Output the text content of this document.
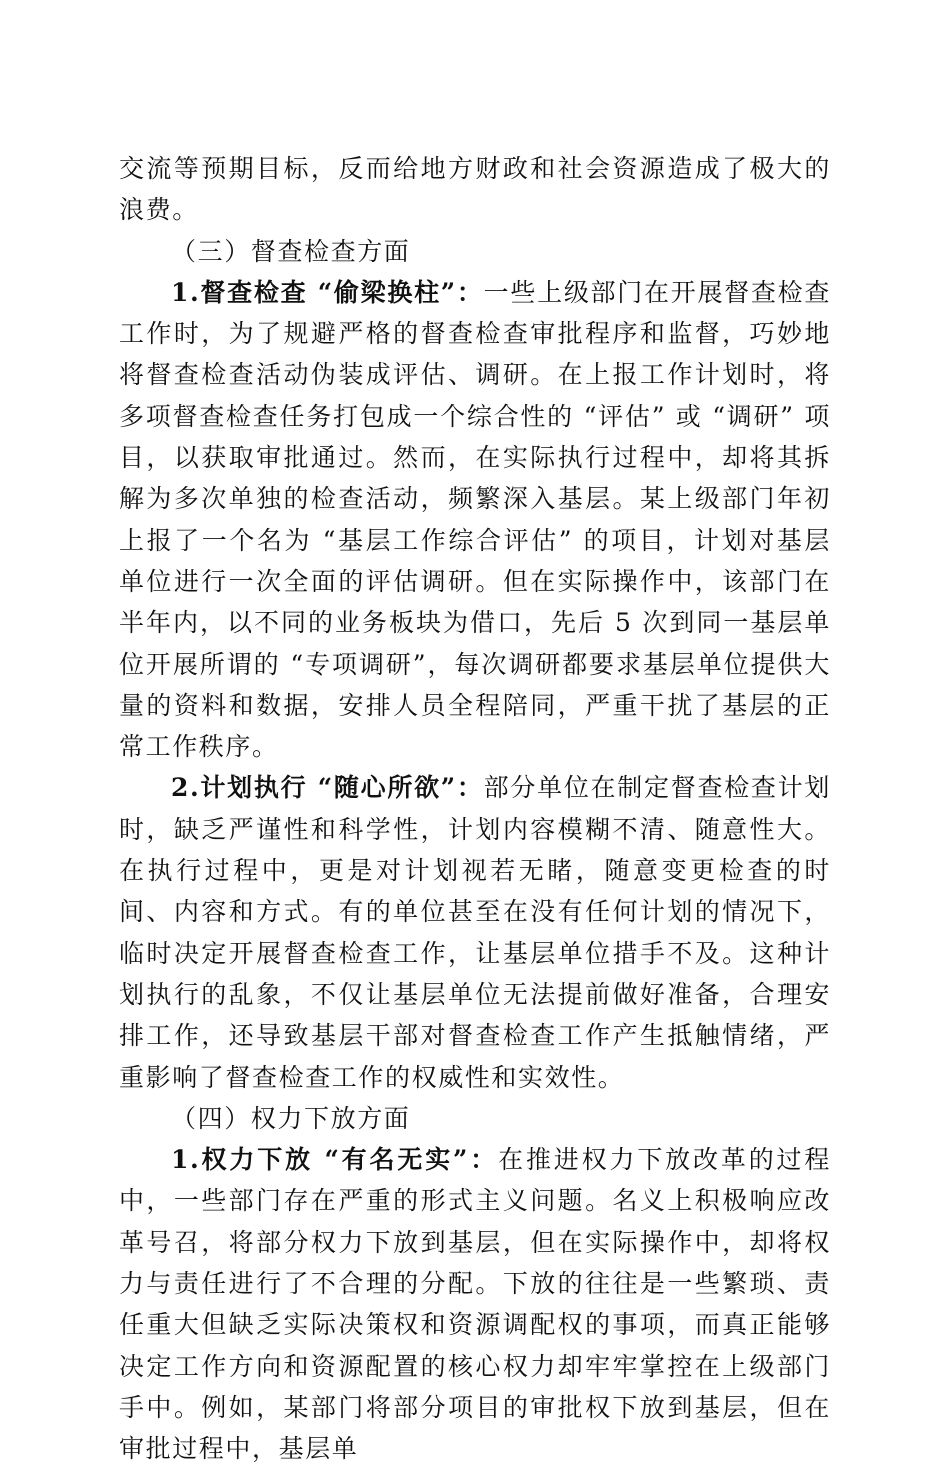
交流等预期目标，反而给地方财政和社会资源造成了极大的浪费。

（三）督查检查方面

1.督查检查 “偷梁换柱”：一些上级部门在开展督查检查工作时，为了规避严格的督查检查审批程序和监督，巧妙地将督查检查活动伪装成评估、调研。在上报工作计划时，将多项督查检查任务打包成一个综合性的 “评估” 或 “调研” 项目，以获取审批通过。然而，在实际执行过程中，却将其拆解为多次单独的检查活动，频繁深入基层。某上级部门年初上报了一个名为 “基层工作综合评估” 的项目，计划对基层单位进行一次全面的评估调研。但在实际操作中，该部门在半年内，以不同的业务板块为借口，先后 5 次到同一基层单位开展所谓的 “专项调研”，每次调研都要求基层单位提供大量的资料和数据，安排人员全程陪同，严重干扰了基层的正常工作秩序。

2.计划执行 “随心所欲”：部分单位在制定督查检查计划时，缺乏严谨性和科学性，计划内容模糊不清、随意性大。在执行过程中，更是对计划视若无睹，随意变更检查的时间、内容和方式。有的单位甚至在没有任何计划的情况下，临时决定开展督查检查工作，让基层单位措手不及。这种计划执行的乱象，不仅让基层单位无法提前做好准备，合理安排工作，还导致基层干部对督查检查工作产生抵触情绪，严重影响了督查检查工作的权威性和实效性。

（四）权力下放方面

1.权力下放 “有名无实”：在推进权力下放改革的过程中，一些部门存在严重的形式主义问题。名义上积极响应改革号召，将部分权力下放到基层，但在实际操作中，却将权力与责任进行了不合理的分配。下放的往往是一些繁琐、责任重大但缺乏实际决策权和资源调配权的事项，而真正能够决定工作方向和资源配置的核心权力却牢牢掌控在上级部门手中。例如，某部门将部分项目的审批权下放到基层，但在审批过程中，基层单
